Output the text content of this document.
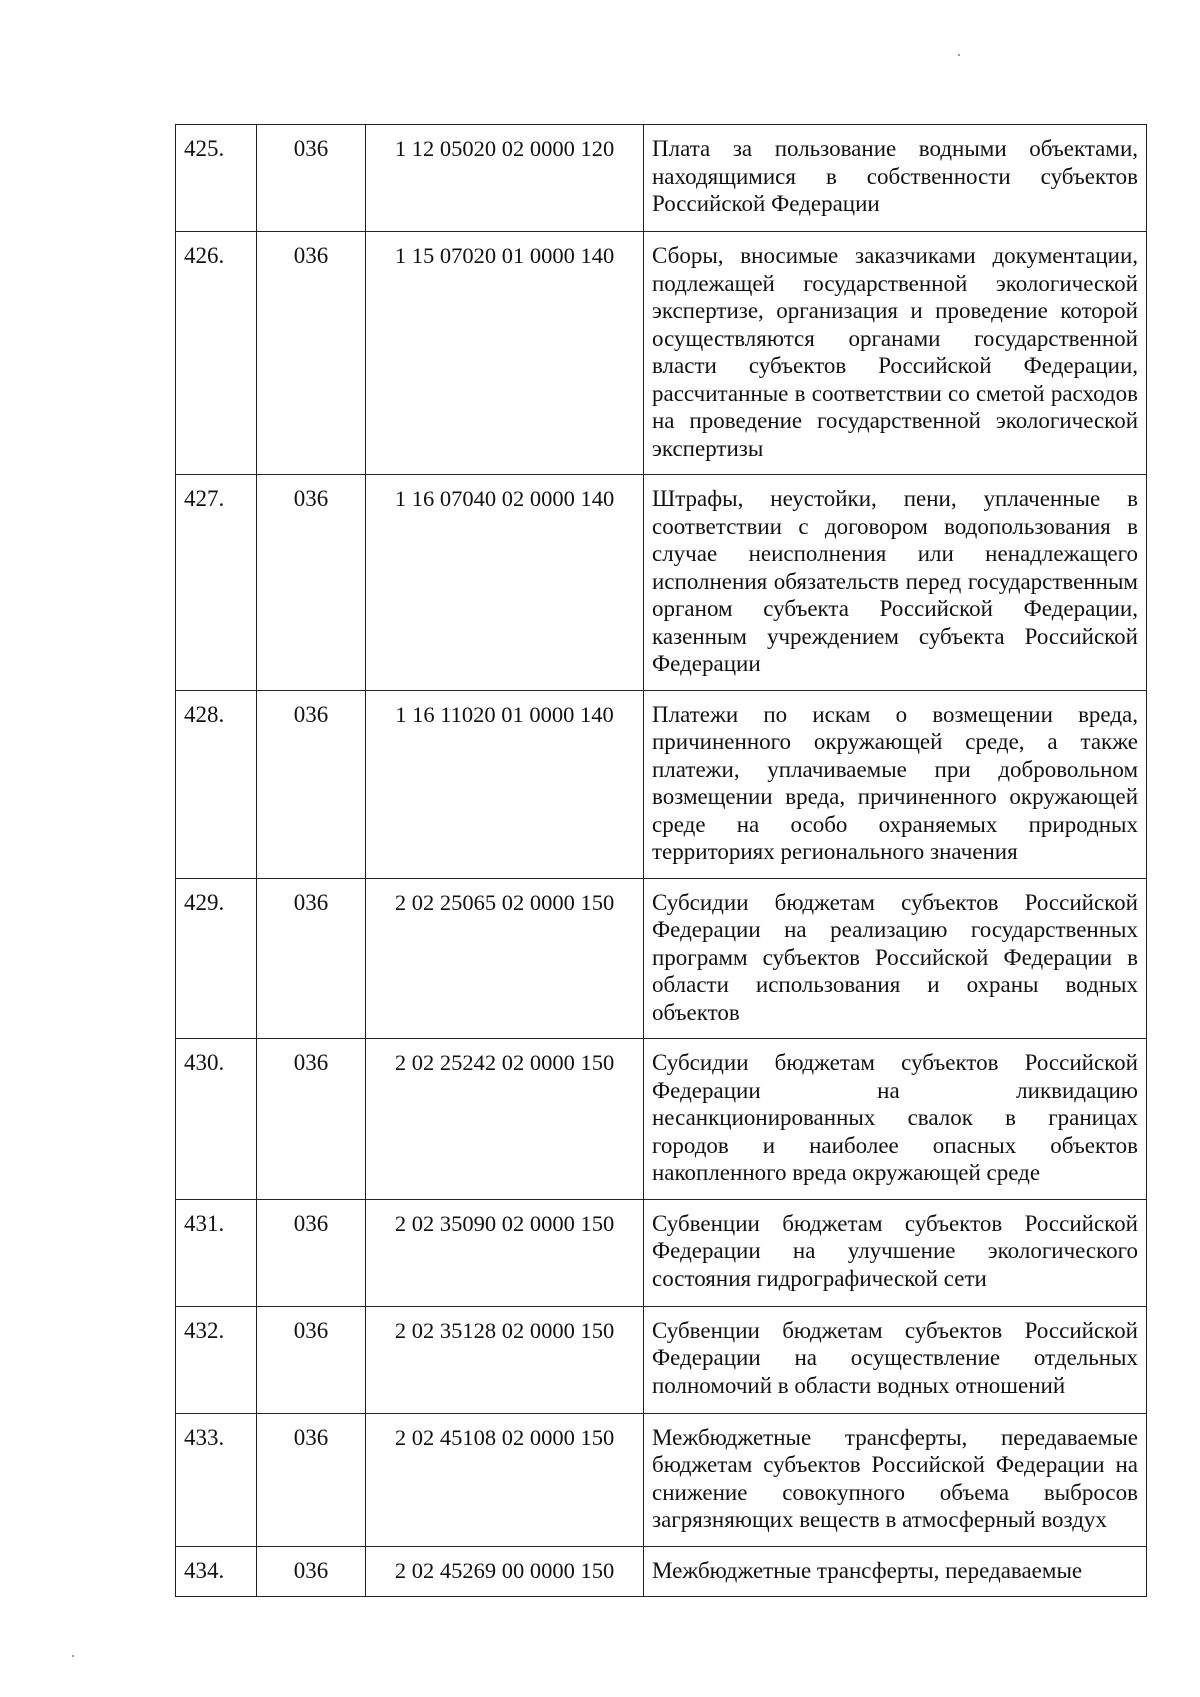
425.	036	1 12 05020 02 0000 120	Плата за пользование водными объектами, находящимися в собственности субъектов Российской Федерации
426.	036	1 15 07020 01 0000 140	Сборы, вносимые заказчиками документации, подлежащей государственной экологической экспертизе, организация и проведение которой осуществляются органами государственной власти субъектов Российской Федерации, рассчитанные в соответствии со сметой расходов на проведение государственной экологической экспертизы
427.	036	1 16 07040 02 0000 140	Штрафы, неустойки, пени, уплаченные в соответствии с договором водопользования в случае неисполнения или ненадлежащего исполнения обязательств перед государственным органом субъекта Российской Федерации, казенным учреждением субъекта Российской Федерации
428.	036	1 16 11020 01 0000 140	Платежи по искам о возмещении вреда, причиненного окружающей среде, а также платежи, уплачиваемые при добровольном возмещении вреда, причиненного окружающей среде на особо охраняемых природных территориях регионального значения
429.	036	2 02 25065 02 0000 150	Субсидии бюджетам субъектов Российской Федерации на реализацию государственных программ субъектов Российской Федерации в области использования и охраны водных объектов
430.	036	2 02 25242 02 0000 150	Субсидии бюджетам субъектов Российской Федерации на ликвидацию несанкционированных свалок в границах городов и наиболее опасных объектов накопленного вреда окружающей среде
431.	036	2 02 35090 02 0000 150	Субвенции бюджетам субъектов Российской Федерации на улучшение экологического состояния гидрографической сети
432.	036	2 02 35128 02 0000 150	Субвенции бюджетам субъектов Российской Федерации на осуществление отдельных полномочий в области водных отношений
433.	036	2 02 45108 02 0000 150	Межбюджетные трансферты, передаваемые бюджетам субъектов Российской Федерации на снижение совокупного объема выбросов загрязняющих веществ в атмосферный воздух
434.	036	2 02 45269 00 0000 150	Межбюджетные трансферты, передаваемые
